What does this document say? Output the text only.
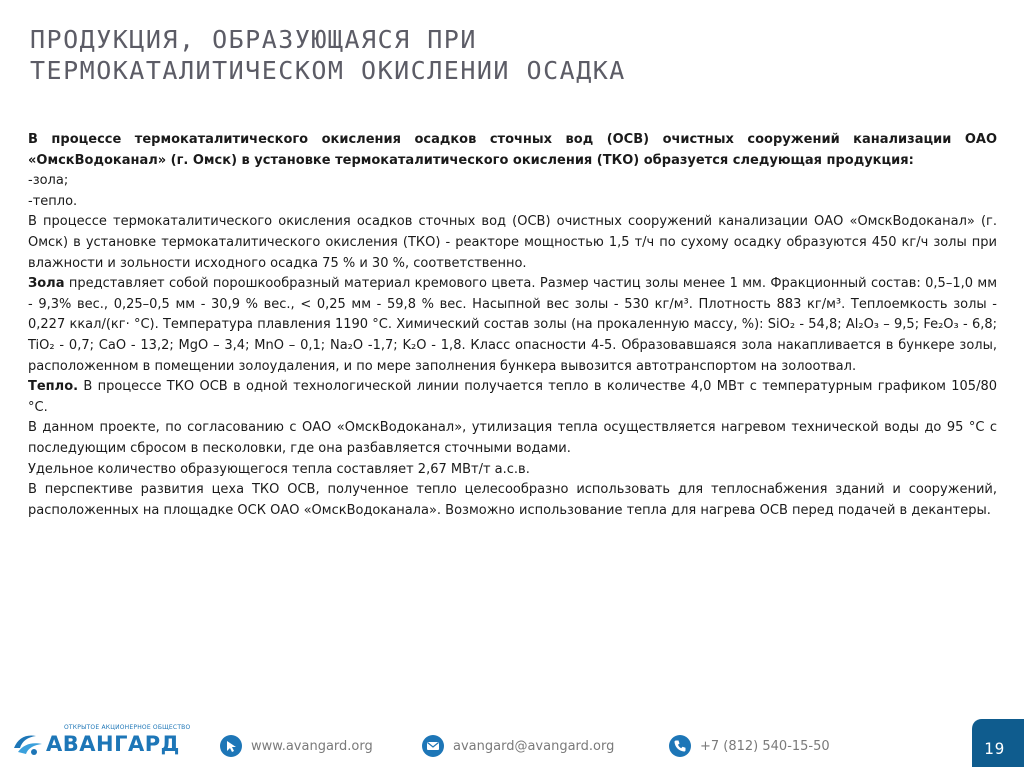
ПРОДУКЦИЯ, ОБРАЗУЮЩАЯСЯ ПРИ
ТЕРМОКАТАЛИТИЧЕСКОМ ОКИСЛЕНИИ ОСАДКА

В процессе термокаталитического окисления осадков сточных вод (ОСВ) очистных сооружений канализации ОАО «ОмскВодоканал» (г. Омск) в установке термокаталитического окисления (ТКО) образуется следующая продукция:

-зола;

-тепло.

В процессе термокаталитического окисления осадков сточных вод (ОСВ) очистных сооружений канализации ОАО «ОмскВодоканал» (г. Омск) в установке термокаталитического окисления (ТКО) - реакторе мощностью 1,5 т/ч по сухому осадку образуются 450 кг/ч золы при влажности и зольности исходного осадка 75 % и 30 %, соответственно.

Зола представляет собой порошкообразный материал кремового цвета. Размер частиц золы менее 1 мм. Фракционный состав: 0,5–1,0 мм - 9,3% вес., 0,25–0,5 мм - 30,9 % вес., < 0,25 мм - 59,8 % вес. Насыпной вес золы - 530 кг/м³. Плотность 883 кг/м³. Теплоемкость золы - 0,227 ккал/(кг· °С). Температура плавления 1190 °С. Химический состав золы (на прокаленную массу, %): SiO₂ - 54,8; Al₂O₃ – 9,5; Fe₂O₃ - 6,8; TiO₂ - 0,7; CaO - 13,2; MgO – 3,4; MnO – 0,1; Na₂O -1,7; K₂O - 1,8. Класс опасности 4-5. Образовавшаяся зола накапливается в бункере золы, расположенном в помещении золоудаления, и по мере заполнения бункера вывозится автотранспортом на золоотвал.

Тепло. В процессе ТКО ОСВ в одной технологической линии получается тепло в количестве 4,0 МВт с температурным графиком 105/80 °С.

В данном проекте, по согласованию с ОАО «ОмскВодоканал», утилизация тепла осуществляется нагревом технической воды до 95 °С с последующим сбросом в песколовки, где она разбавляется сточными водами.

Удельное количество образующегося тепла составляет 2,67 МВт/т а.с.в.

В перспективе развития цеха ТКО ОСВ, полученное тепло целесообразно использовать для теплоснабжения зданий и сооружений, расположенных на площадке ОСК ОАО «ОмскВодоканала». Возможно использование тепла для нагрева ОСВ перед подачей в декантеры.

ОТКРЫТОЕ АКЦИОНЕРНОЕ ОБЩЕСТВО
АВАНГАРД	www.avangard.org	avangard@avangard.org	+7 (812) 540-15-50	19
